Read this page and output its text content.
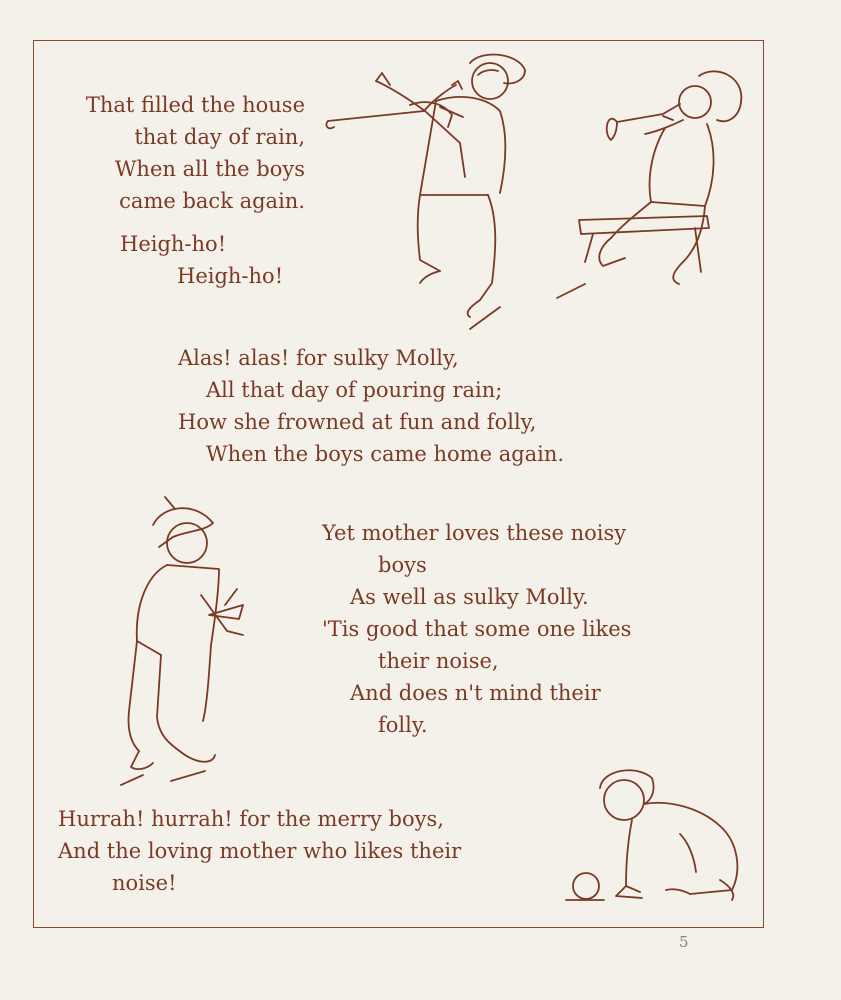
That filled the house
that day of rain,
When all the boys
came back again.
Heigh-ho!
Heigh-ho!
Alas! alas! for sulky Molly,
All that day of pouring rain;
How she frowned at fun and folly,
When the boys came home again.
Yet mother loves these noisy
boys
As well as sulky Molly.
'Tis good that some one likes
their noise,
And does n't mind their
folly.
Hurrah! hurrah! for the merry boys,
And the loving mother who likes their
noise!
5
